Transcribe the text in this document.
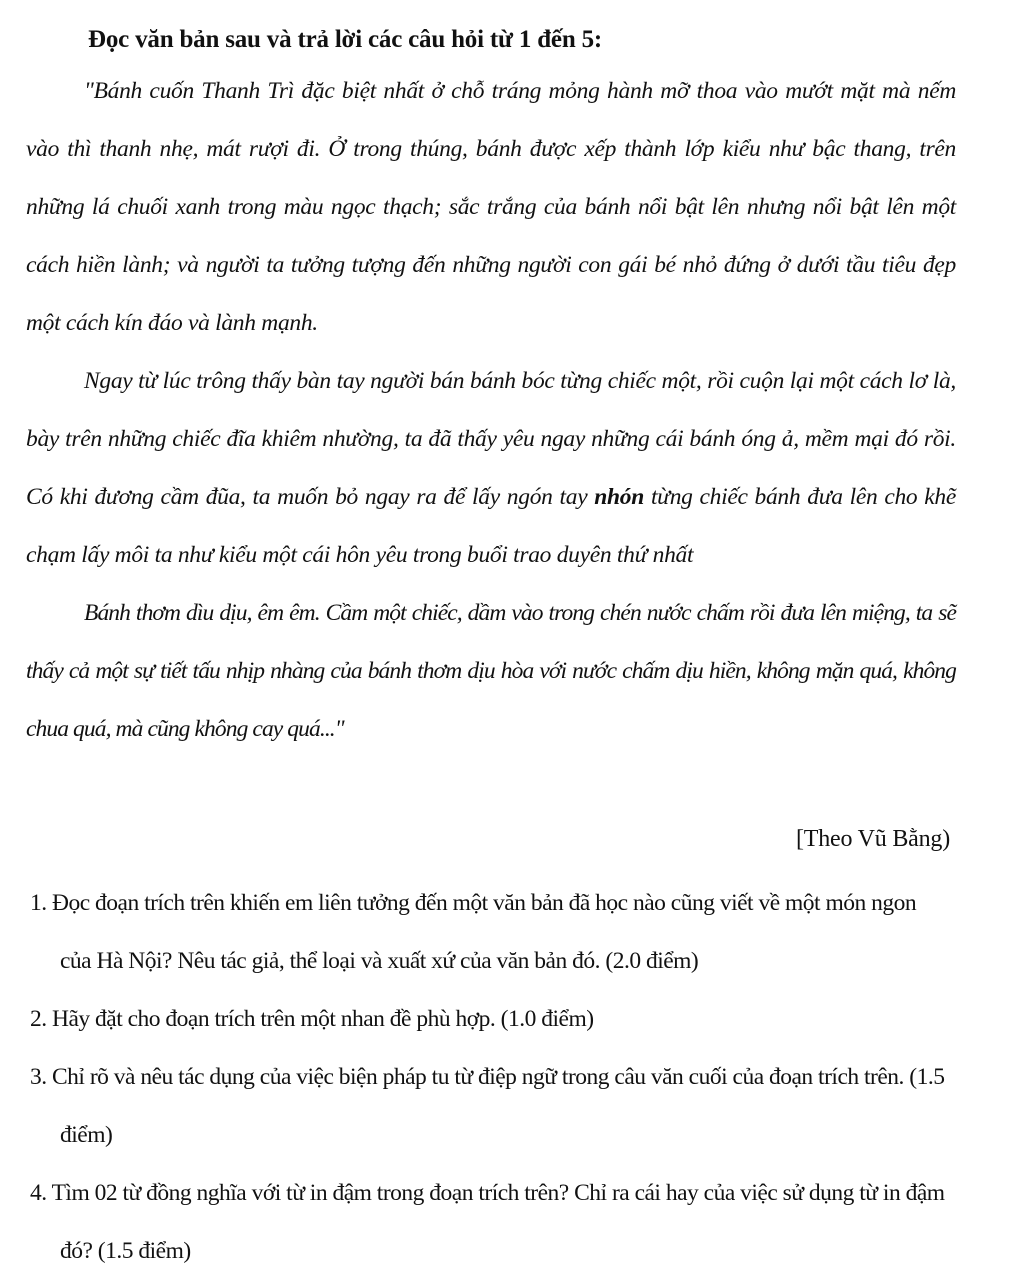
Đọc văn bản sau và trả lời các câu hỏi từ 1 đến 5:

"Bánh cuốn Thanh Trì đặc biệt nhất ở chỗ tráng mỏng hành mỡ thoa vào mướt mặt mà nếm vào thì thanh nhẹ, mát rượi đi. Ở trong thúng, bánh được xếp thành lớp kiểu như bậc thang, trên những lá chuối xanh trong màu ngọc thạch; sắc trắng của bánh nổi bật lên nhưng nổi bật lên một cách hiền lành; và người ta tưởng tượng đến những người con gái bé nhỏ đứng ở dưới tầu tiêu đẹp một cách kín đáo và lành mạnh.

Ngay từ lúc trông thấy bàn tay người bán bánh bóc từng chiếc một, rồi cuộn lại một cách lơ là, bày trên những chiếc đĩa khiêm nhường, ta đã thấy yêu ngay những cái bánh óng ả, mềm mại đó rồi. Có khi đương cầm đũa, ta muốn bỏ ngay ra để lấy ngón tay nhón từng chiếc bánh đưa lên cho khẽ chạm lấy môi ta như kiểu một cái hôn yêu trong buổi trao duyên thứ nhất

Bánh thơm dìu dịu, êm êm. Cầm một chiếc, dầm vào trong chén nước chấm rồi đưa lên miệng, ta sẽ thấy cả một sự tiết tấu nhịp nhàng của bánh thơm dịu hòa với nước chấm dịu hiền, không mặn quá, không chua quá, mà cũng không cay quá..."

[Theo Vũ Bằng)
1. Đọc đoạn trích trên khiến em liên tưởng đến một văn bản đã học nào cũng viết về một món ngon của Hà Nội? Nêu tác giả, thể loại và xuất xứ của văn bản đó. (2.0 điểm)
2. Hãy đặt cho đoạn trích trên một nhan đề phù hợp. (1.0 điểm)
3. Chỉ rõ và nêu tác dụng của việc biện pháp tu từ điệp ngữ trong câu văn cuối của đoạn trích trên. (1.5 điểm)
4. Tìm 02 từ đồng nghĩa với từ in đậm trong đoạn trích trên? Chỉ ra cái hay của việc sử dụng từ in đậm đó? (1.5 điểm)
